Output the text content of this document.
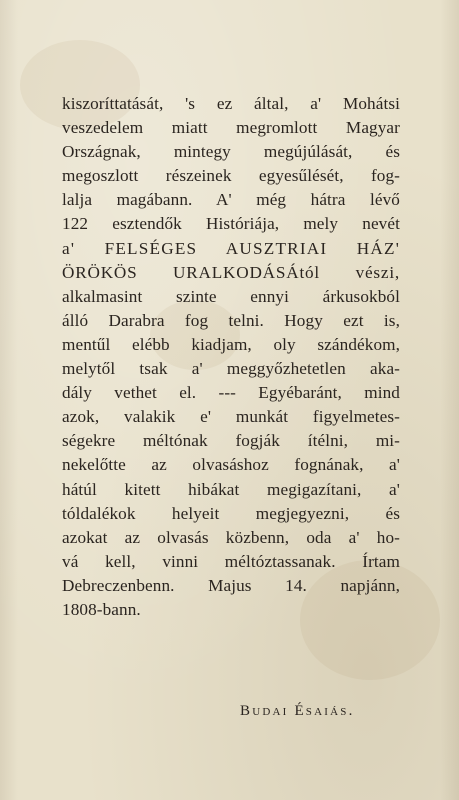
kiszoríttatását, 's ez által, a' Mohátsi
veszedelem miatt megromlott Magyar
Országnak, mintegy megújúlását, és
megoszlott részeinek egyesűlését, fog-
lalja magábann. A' még hátra lévő
122 esztendők Históriája, mely nevét
a' FELSÉGES AUSZTRIAI HÁZ'
ÖRÖKÖS URALKODÁSÁtól vészi,
alkalmasint szinte ennyi árkusokból
álló Darabra fog telni. Hogy ezt is,
mentűl elébb kiadjam, oly szándékom,
melytől tsak a' meggyőzhetetlen aka-
dály vethet el. --- Egyébaránt, mind
azok, valakik e' munkát figyelmetes-
ségekre méltónak fogják ítélni, mi-
nekelőtte az olvasáshoz fognának, a'
hátúl kitett hibákat megigazítani, a'
tóldalékok helyeit megjegyezni, és
azokat az olvasás közbenn, oda a' ho-
vá kell, vinni méltóztassanak. Írtam
Debreczenbenn. Majus 14. napjánn,
1808-bann.
Budai Ésaiás.
